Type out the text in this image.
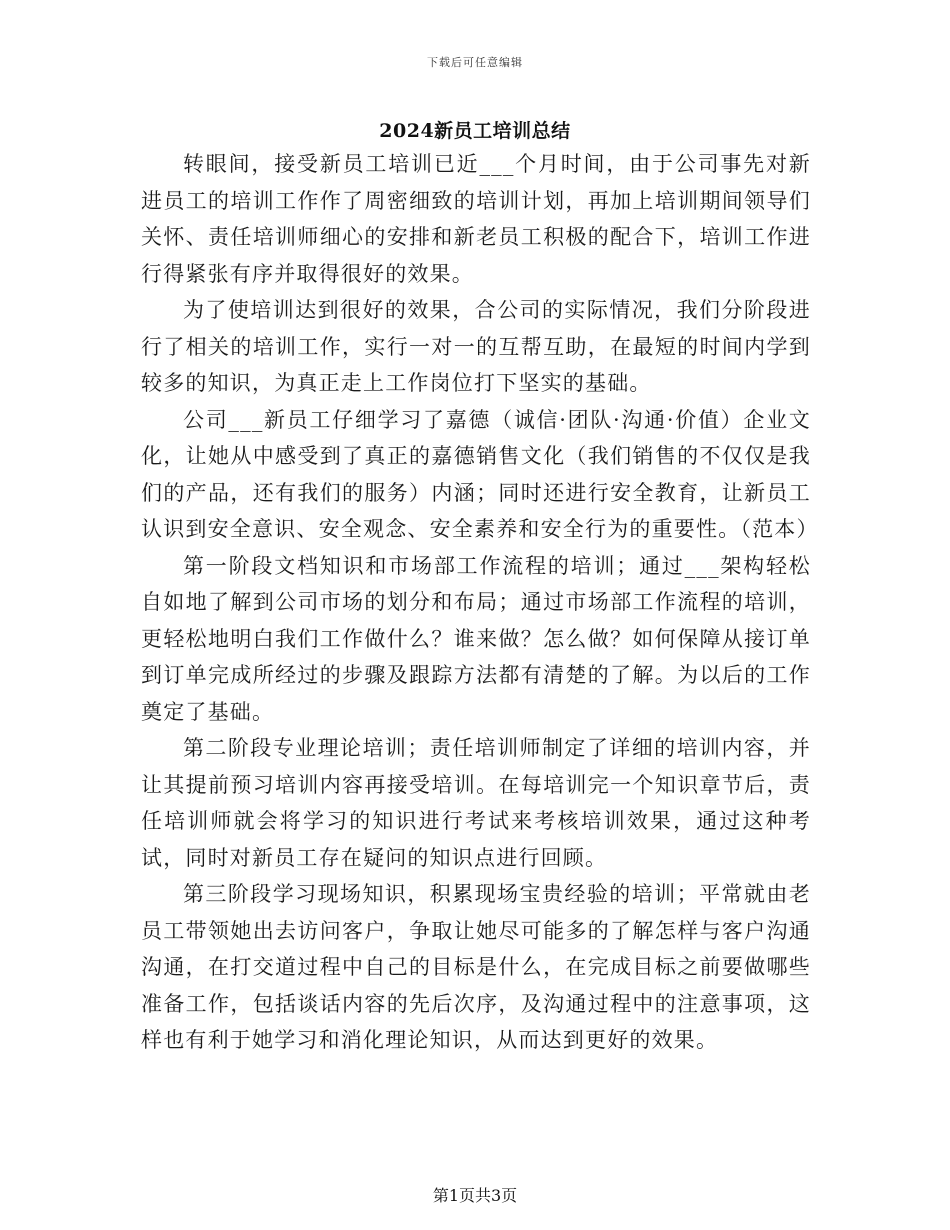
下载后可任意编辑
2024新员工培训总结

转眼间，接受新员工培训已近___个月时间，由于公司事先对新进员工的培训工作作了周密细致的培训计划，再加上培训期间领导们关怀、责任培训师细心的安排和新老员工积极的配合下，培训工作进行得紧张有序并取得很好的效果。

为了使培训达到很好的效果，合公司的实际情况，我们分阶段进行了相关的培训工作，实行一对一的互帮互助，在最短的时间内学到较多的知识，为真正走上工作岗位打下坚实的基础。

公司___新员工仔细学习了嘉德（诚信·团队·沟通·价值）企业文化，让她从中感受到了真正的嘉德销售文化（我们销售的不仅仅是我们的产品，还有我们的服务）内涵；同时还进行安全教育，让新员工认识到安全意识、安全观念、安全素养和安全行为的重要性。（范本）

第一阶段文档知识和市场部工作流程的培训；通过___架构轻松自如地了解到公司市场的划分和布局；通过市场部工作流程的培训，更轻松地明白我们工作做什么？谁来做？怎么做？如何保障从接订单到订单完成所经过的步骤及跟踪方法都有清楚的了解。为以后的工作奠定了基础。

第二阶段专业理论培训；责任培训师制定了详细的培训内容，并让其提前预习培训内容再接受培训。在每培训完一个知识章节后，责任培训师就会将学习的知识进行考试来考核培训效果，通过这种考试，同时对新员工存在疑问的知识点进行回顾。

第三阶段学习现场知识，积累现场宝贵经验的培训；平常就由老员工带领她出去访问客户，争取让她尽可能多的了解怎样与客户沟通沟通，在打交道过程中自己的目标是什么，在完成目标之前要做哪些准备工作，包括谈话内容的先后次序，及沟通过程中的注意事项，这样也有利于她学习和消化理论知识，从而达到更好的效果。

第1页共3页
